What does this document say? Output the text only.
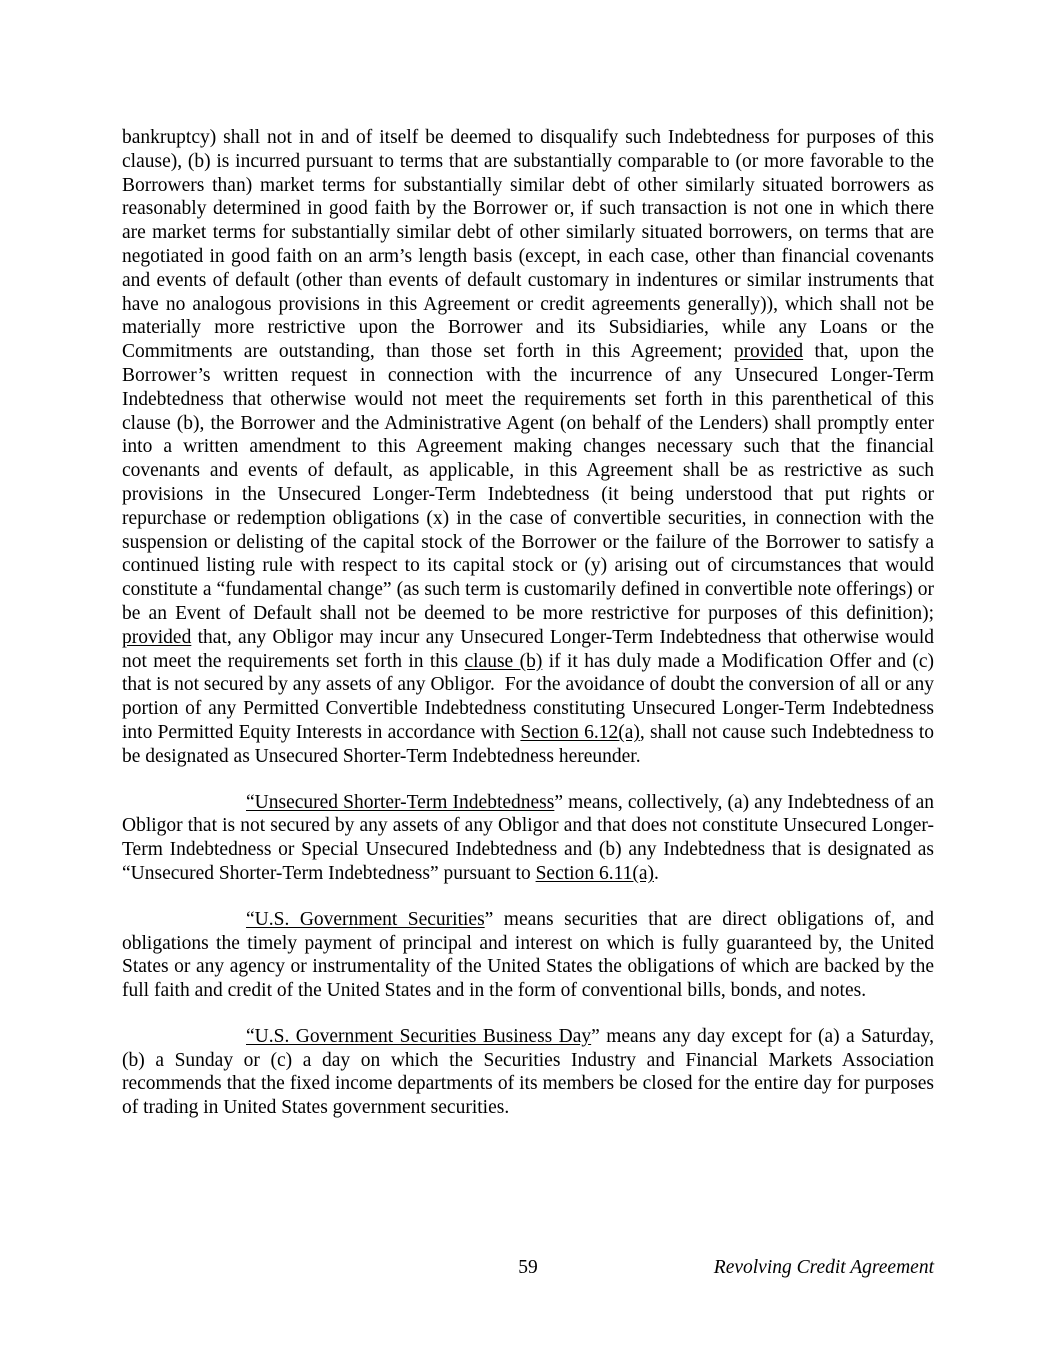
bankruptcy) shall not in and of itself be deemed to disqualify such Indebtedness for purposes of this clause), (b) is incurred pursuant to terms that are substantially comparable to (or more favorable to the Borrowers than) market terms for substantially similar debt of other similarly situated borrowers as reasonably determined in good faith by the Borrower or, if such transaction is not one in which there are market terms for substantially similar debt of other similarly situated borrowers, on terms that are negotiated in good faith on an arm’s length basis (except, in each case, other than financial covenants and events of default (other than events of default customary in indentures or similar instruments that have no analogous provisions in this Agreement or credit agreements generally)), which shall not be materially more restrictive upon the Borrower and its Subsidiaries, while any Loans or the Commitments are outstanding, than those set forth in this Agreement; provided that, upon the Borrower’s written request in connection with the incurrence of any Unsecured Longer-Term Indebtedness that otherwise would not meet the requirements set forth in this parenthetical of this clause (b), the Borrower and the Administrative Agent (on behalf of the Lenders) shall promptly enter into a written amendment to this Agreement making changes necessary such that the financial covenants and events of default, as applicable, in this Agreement shall be as restrictive as such provisions in the Unsecured Longer-Term Indebtedness (it being understood that put rights or repurchase or redemption obligations (x) in the case of convertible securities, in connection with the suspension or delisting of the capital stock of the Borrower or the failure of the Borrower to satisfy a continued listing rule with respect to its capital stock or (y) arising out of circumstances that would constitute a “fundamental change” (as such term is customarily defined in convertible note offerings) or be an Event of Default shall not be deemed to be more restrictive for purposes of this definition); provided that, any Obligor may incur any Unsecured Longer-Term Indebtedness that otherwise would not meet the requirements set forth in this clause (b) if it has duly made a Modification Offer and (c) that is not secured by any assets of any Obligor.  For the avoidance of doubt the conversion of all or any portion of any Permitted Convertible Indebtedness constituting Unsecured Longer-Term Indebtedness into Permitted Equity Interests in accordance with Section 6.12(a), shall not cause such Indebtedness to be designated as Unsecured Shorter-Term Indebtedness hereunder.

“Unsecured Shorter-Term Indebtedness” means, collectively, (a) any Indebtedness of an Obligor that is not secured by any assets of any Obligor and that does not constitute Unsecured Longer-Term Indebtedness or Special Unsecured Indebtedness and (b) any Indebtedness that is designated as “Unsecured Shorter-Term Indebtedness” pursuant to Section 6.11(a).

“U.S. Government Securities” means securities that are direct obligations of, and obligations the timely payment of principal and interest on which is fully guaranteed by, the United States or any agency or instrumentality of the United States the obligations of which are backed by the full faith and credit of the United States and in the form of conventional bills, bonds, and notes.

“U.S. Government Securities Business Day” means any day except for (a) a Saturday, (b) a Sunday or (c) a day on which the Securities Industry and Financial Markets Association recommends that the fixed income departments of its members be closed for the entire day for purposes of trading in United States government securities.

59	Revolving Credit Agreement
